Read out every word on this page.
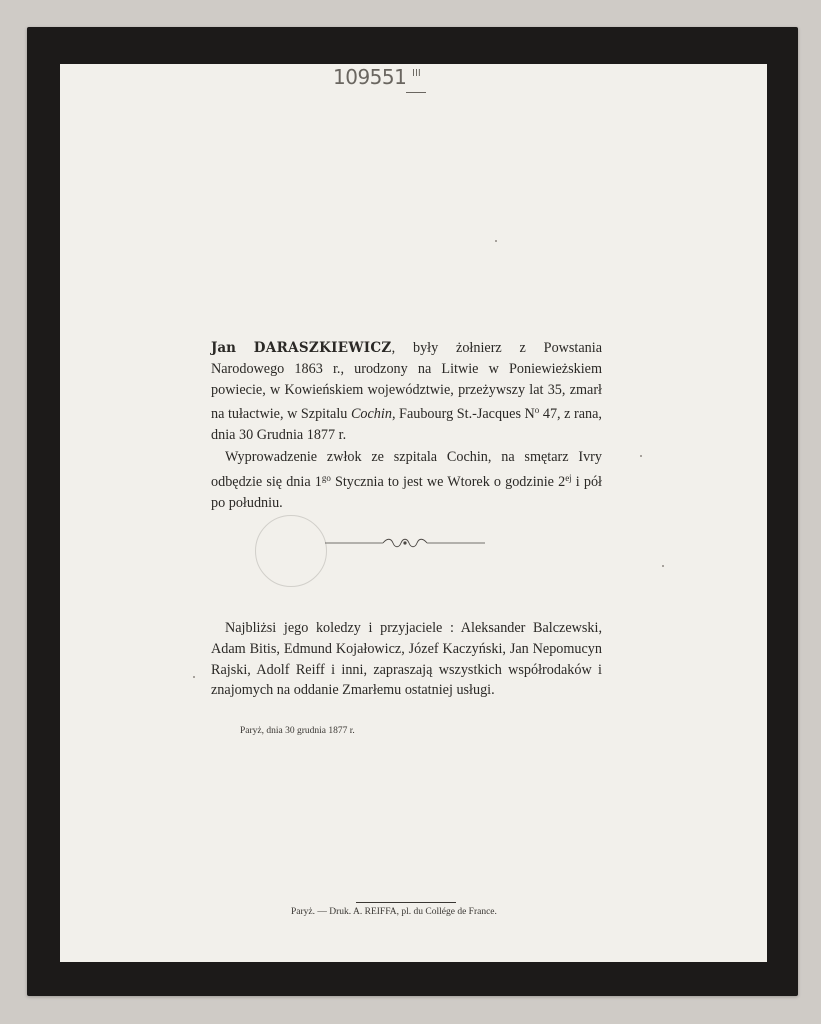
109551 III
Jan DARASZKIEWICZ, były żołnierz z Powstania Narodowego 1863 r., urodzony na Litwie w Poniewieżskiem powiecie, w Kowieńskiem województwie, przeżywszy lat 35, zmarł na tułactwie, w Szpitalu Cochin, Faubourg St.-Jacques $N^o$ 47, z rana, dnia 30 Grudnia 1877 r.
Wyprowadzenie zwłok ze szpitala Cochin, na smętarz Ivry odbędzie się dnia $1^{go}$ Stycznia to jest we Wtorek o godzinie $2^{ej}$ i pół po południu.
Najbliżsi jego koledzy i przyjaciele : Aleksander Balczewski, Adam Bitis, Edmund Kojałowicz, Józef Kaczyński, Jan Nepomucyn Rajski, Adolf Reiff i inni, zapraszają wszystkich współrodaków i znajomych na oddanie Zmarłemu ostatniej usługi.
Paryż, dnia 30 grudnia 1877 r.
Paryż. — Druk. A. REIFFA, pl. du Collége de France.
